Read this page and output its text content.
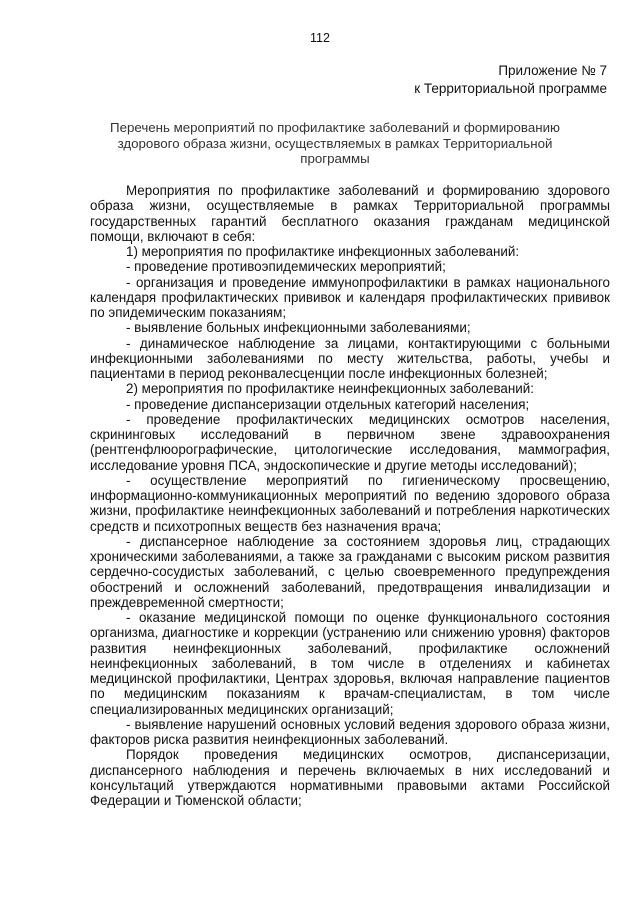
112
Приложение № 7
к Территориальной программе
Перечень мероприятий по профилактике заболеваний и формированию здорового образа жизни, осуществляемых в рамках Территориальной программы

Мероприятия по профилактике заболеваний и формированию здорового образа жизни, осуществляемые в рамках Территориальной программы государственных гарантий бесплатного оказания гражданам медицинской помощи, включают в себя:

1) мероприятия по профилактике инфекционных заболеваний:

- проведение противоэпидемических мероприятий;

- организация и проведение иммунопрофилактики в рамках национального календаря профилактических прививок и календаря профилактических прививок по эпидемическим показаниям;

- выявление больных инфекционными заболеваниями;

- динамическое наблюдение за лицами, контактирующими с больными инфекционными заболеваниями по месту жительства, работы, учебы и пациентами в период реконвалесценции после инфекционных болезней;

2) мероприятия по профилактике неинфекционных заболеваний:

- проведение диспансеризации отдельных категорий населения;

- проведение профилактических медицинских осмотров населения, скрининговых исследований в первичном звене здравоохранения (рентгенфлюорографические, цитологические исследования, маммография, исследование уровня ПСА, эндоскопические и другие методы исследований);

- осуществление мероприятий по гигиеническому просвещению, информационно-коммуникационных мероприятий по ведению здорового образа жизни, профилактике неинфекционных заболеваний и потребления наркотических средств и психотропных веществ без назначения врача;

- диспансерное наблюдение за состоянием здоровья лиц, страдающих хроническими заболеваниями, а также за гражданами с высоким риском развития сердечно-сосудистых заболеваний, с целью своевременного предупреждения обострений и осложнений заболеваний, предотвращения инвалидизации и преждевременной смертности;

- оказание медицинской помощи по оценке функционального состояния организма, диагностике и коррекции (устранению или снижению уровня) факторов развития неинфекционных заболеваний, профилактике осложнений неинфекционных заболеваний, в том числе в отделениях и кабинетах медицинской профилактики, Центрах здоровья, включая направление пациентов по медицинским показаниям к врачам-специалистам, в том числе специализированных медицинских организаций;

- выявление нарушений основных условий ведения здорового образа жизни, факторов риска развития неинфекционных заболеваний.

Порядок проведения медицинских осмотров, диспансеризации, диспансерного наблюдения и перечень включаемых в них исследований и консультаций утверждаются нормативными правовыми актами Российской Федерации и Тюменской области;
